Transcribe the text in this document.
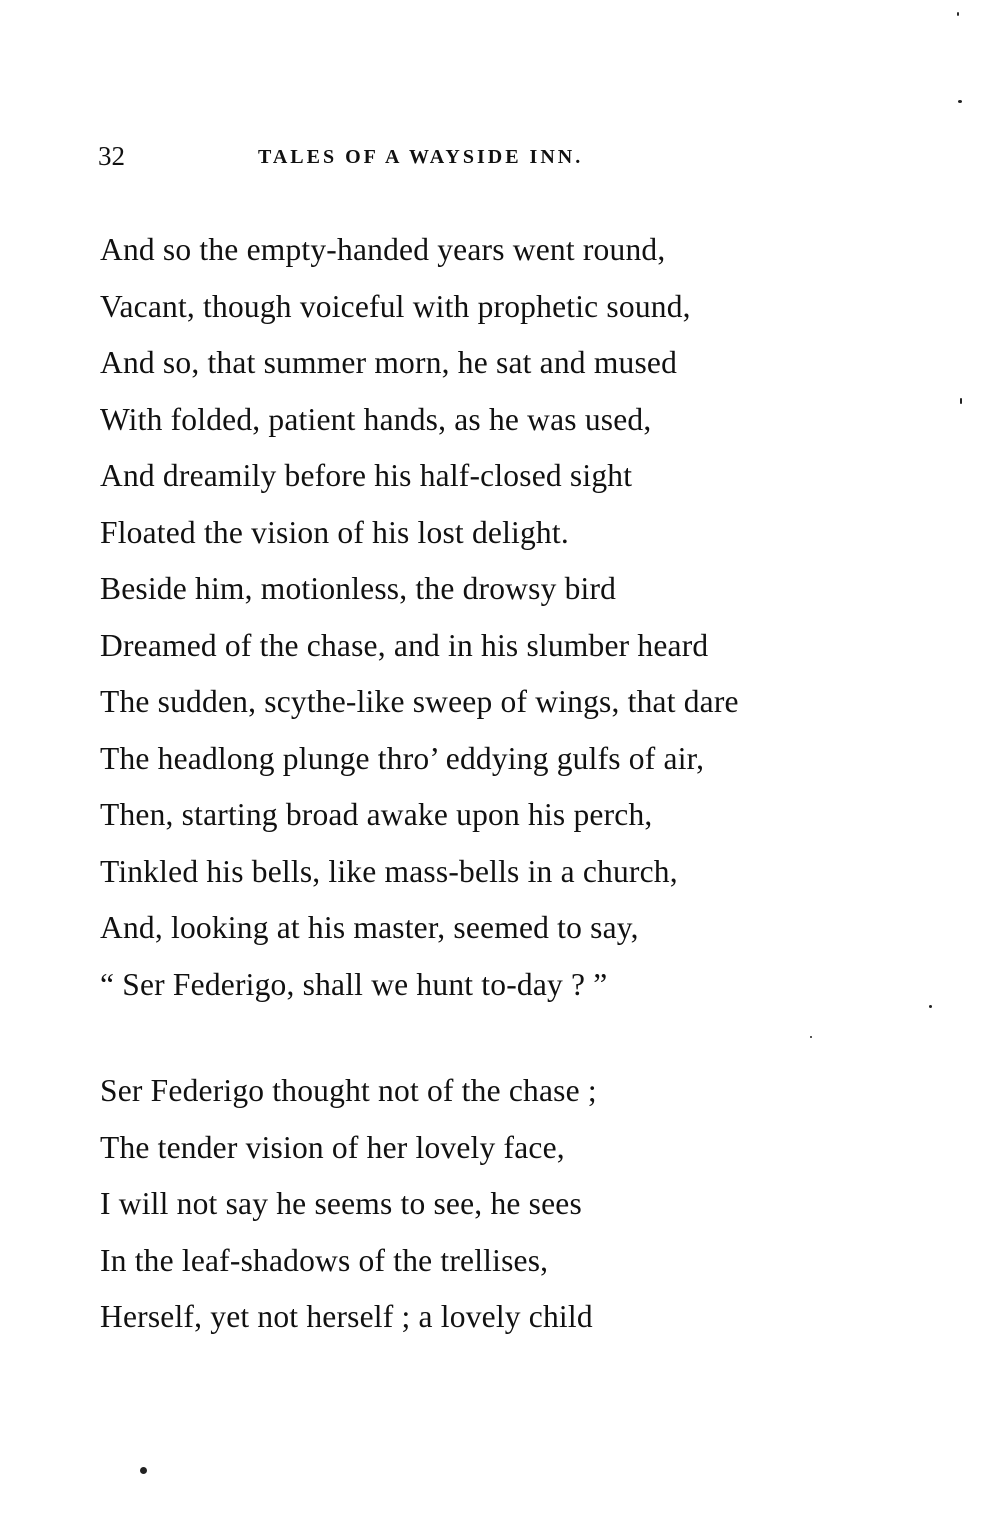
32	TALES OF A WAYSIDE INN.
And so the empty-handed years went round,
Vacant, though voiceful with prophetic sound,
And so, that summer morn, he sat and mused
With folded, patient hands, as he was used,
And dreamily before his half-closed sight
Floated the vision of his lost delight.
Beside him, motionless, the drowsy bird
Dreamed of the chase, and in his slumber heard
The sudden, scythe-like sweep of wings, that dare
The headlong plunge thro’ eddying gulfs of air,
Then, starting broad awake upon his perch,
Tinkled his bells, like mass-bells in a church,
And, looking at his master, seemed to say,
“ Ser Federigo, shall we hunt to-day ? ”
Ser Federigo thought not of the chase ;
The tender vision of her lovely face,
I will not say he seems to see, he sees
In the leaf-shadows of the trellises,
Herself, yet not herself ; a lovely child
